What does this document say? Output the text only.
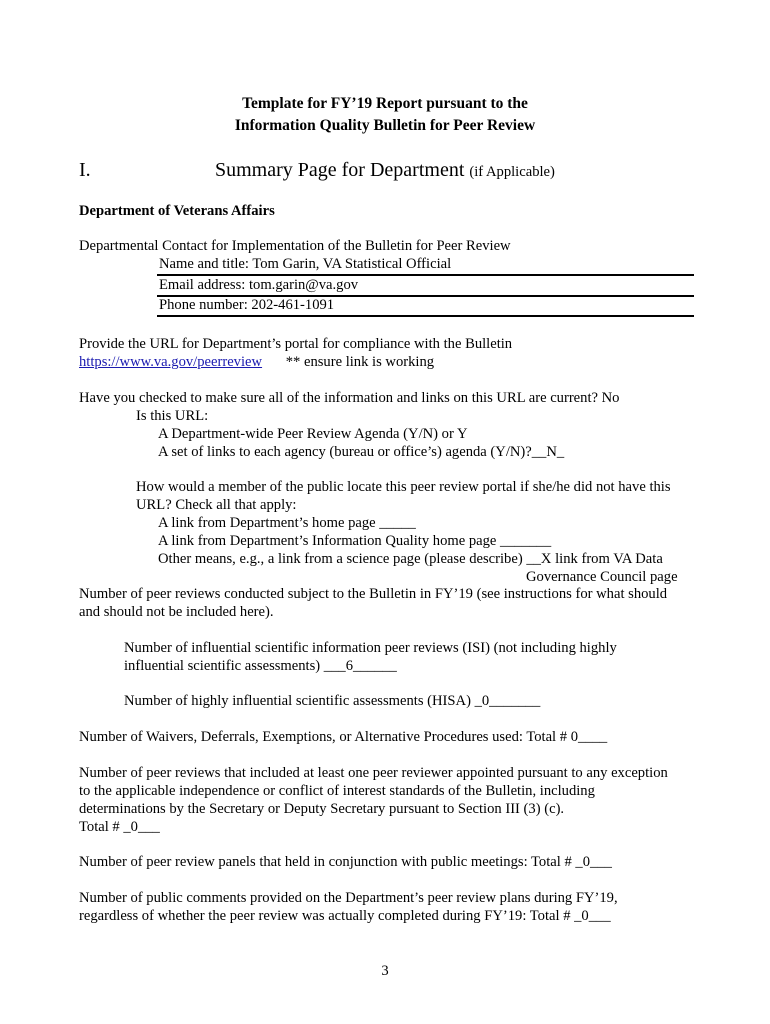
Template for FY’19 Report pursuant to the
Information Quality Bulletin for Peer Review
I.	Summary Page for Department (if Applicable)
Department of Veterans Affairs
Departmental Contact for Implementation of the Bulletin for Peer Review
Name and title: Tom Garin, VA Statistical Official
Email address: tom.garin@va.gov
Phone number: 202-461-1091
Provide the URL for Department’s portal for compliance with the Bulletin
https://www.va.gov/peerreview ** ensure link is working
Have you checked to make sure all of the information and links on this URL are current? No
Is this URL:
A Department-wide Peer Review Agenda (Y/N) or Y
A set of links to each agency (bureau or office’s) agenda (Y/N)?__N_
How would a member of the public locate this peer review portal if she/he did not have this
URL? Check all that apply:
A link from Department’s home page _____
A link from Department’s Information Quality home page _______
Other means, e.g., a link from a science page (please describe) __X link from VA Data
Governance Council page
Number of peer reviews conducted subject to the Bulletin in FY’19 (see instructions for what should
and should not be included here).
Number of influential scientific information peer reviews (ISI) (not including highly
influential scientific assessments) ___6______
Number of highly influential scientific assessments (HISA) _0_______
Number of Waivers, Deferrals, Exemptions, or Alternative Procedures used: Total # 0____
Number of peer reviews that included at least one peer reviewer appointed pursuant to any exception
to the applicable independence or conflict of interest standards of the Bulletin, including
determinations by the Secretary or Deputy Secretary pursuant to Section III (3) (c).
Total # _0___
Number of peer review panels that held in conjunction with public meetings: Total # _0___
Number of public comments provided on the Department’s peer review plans during FY’19,
regardless of whether the peer review was actually completed during FY’19: Total # _0___
3
